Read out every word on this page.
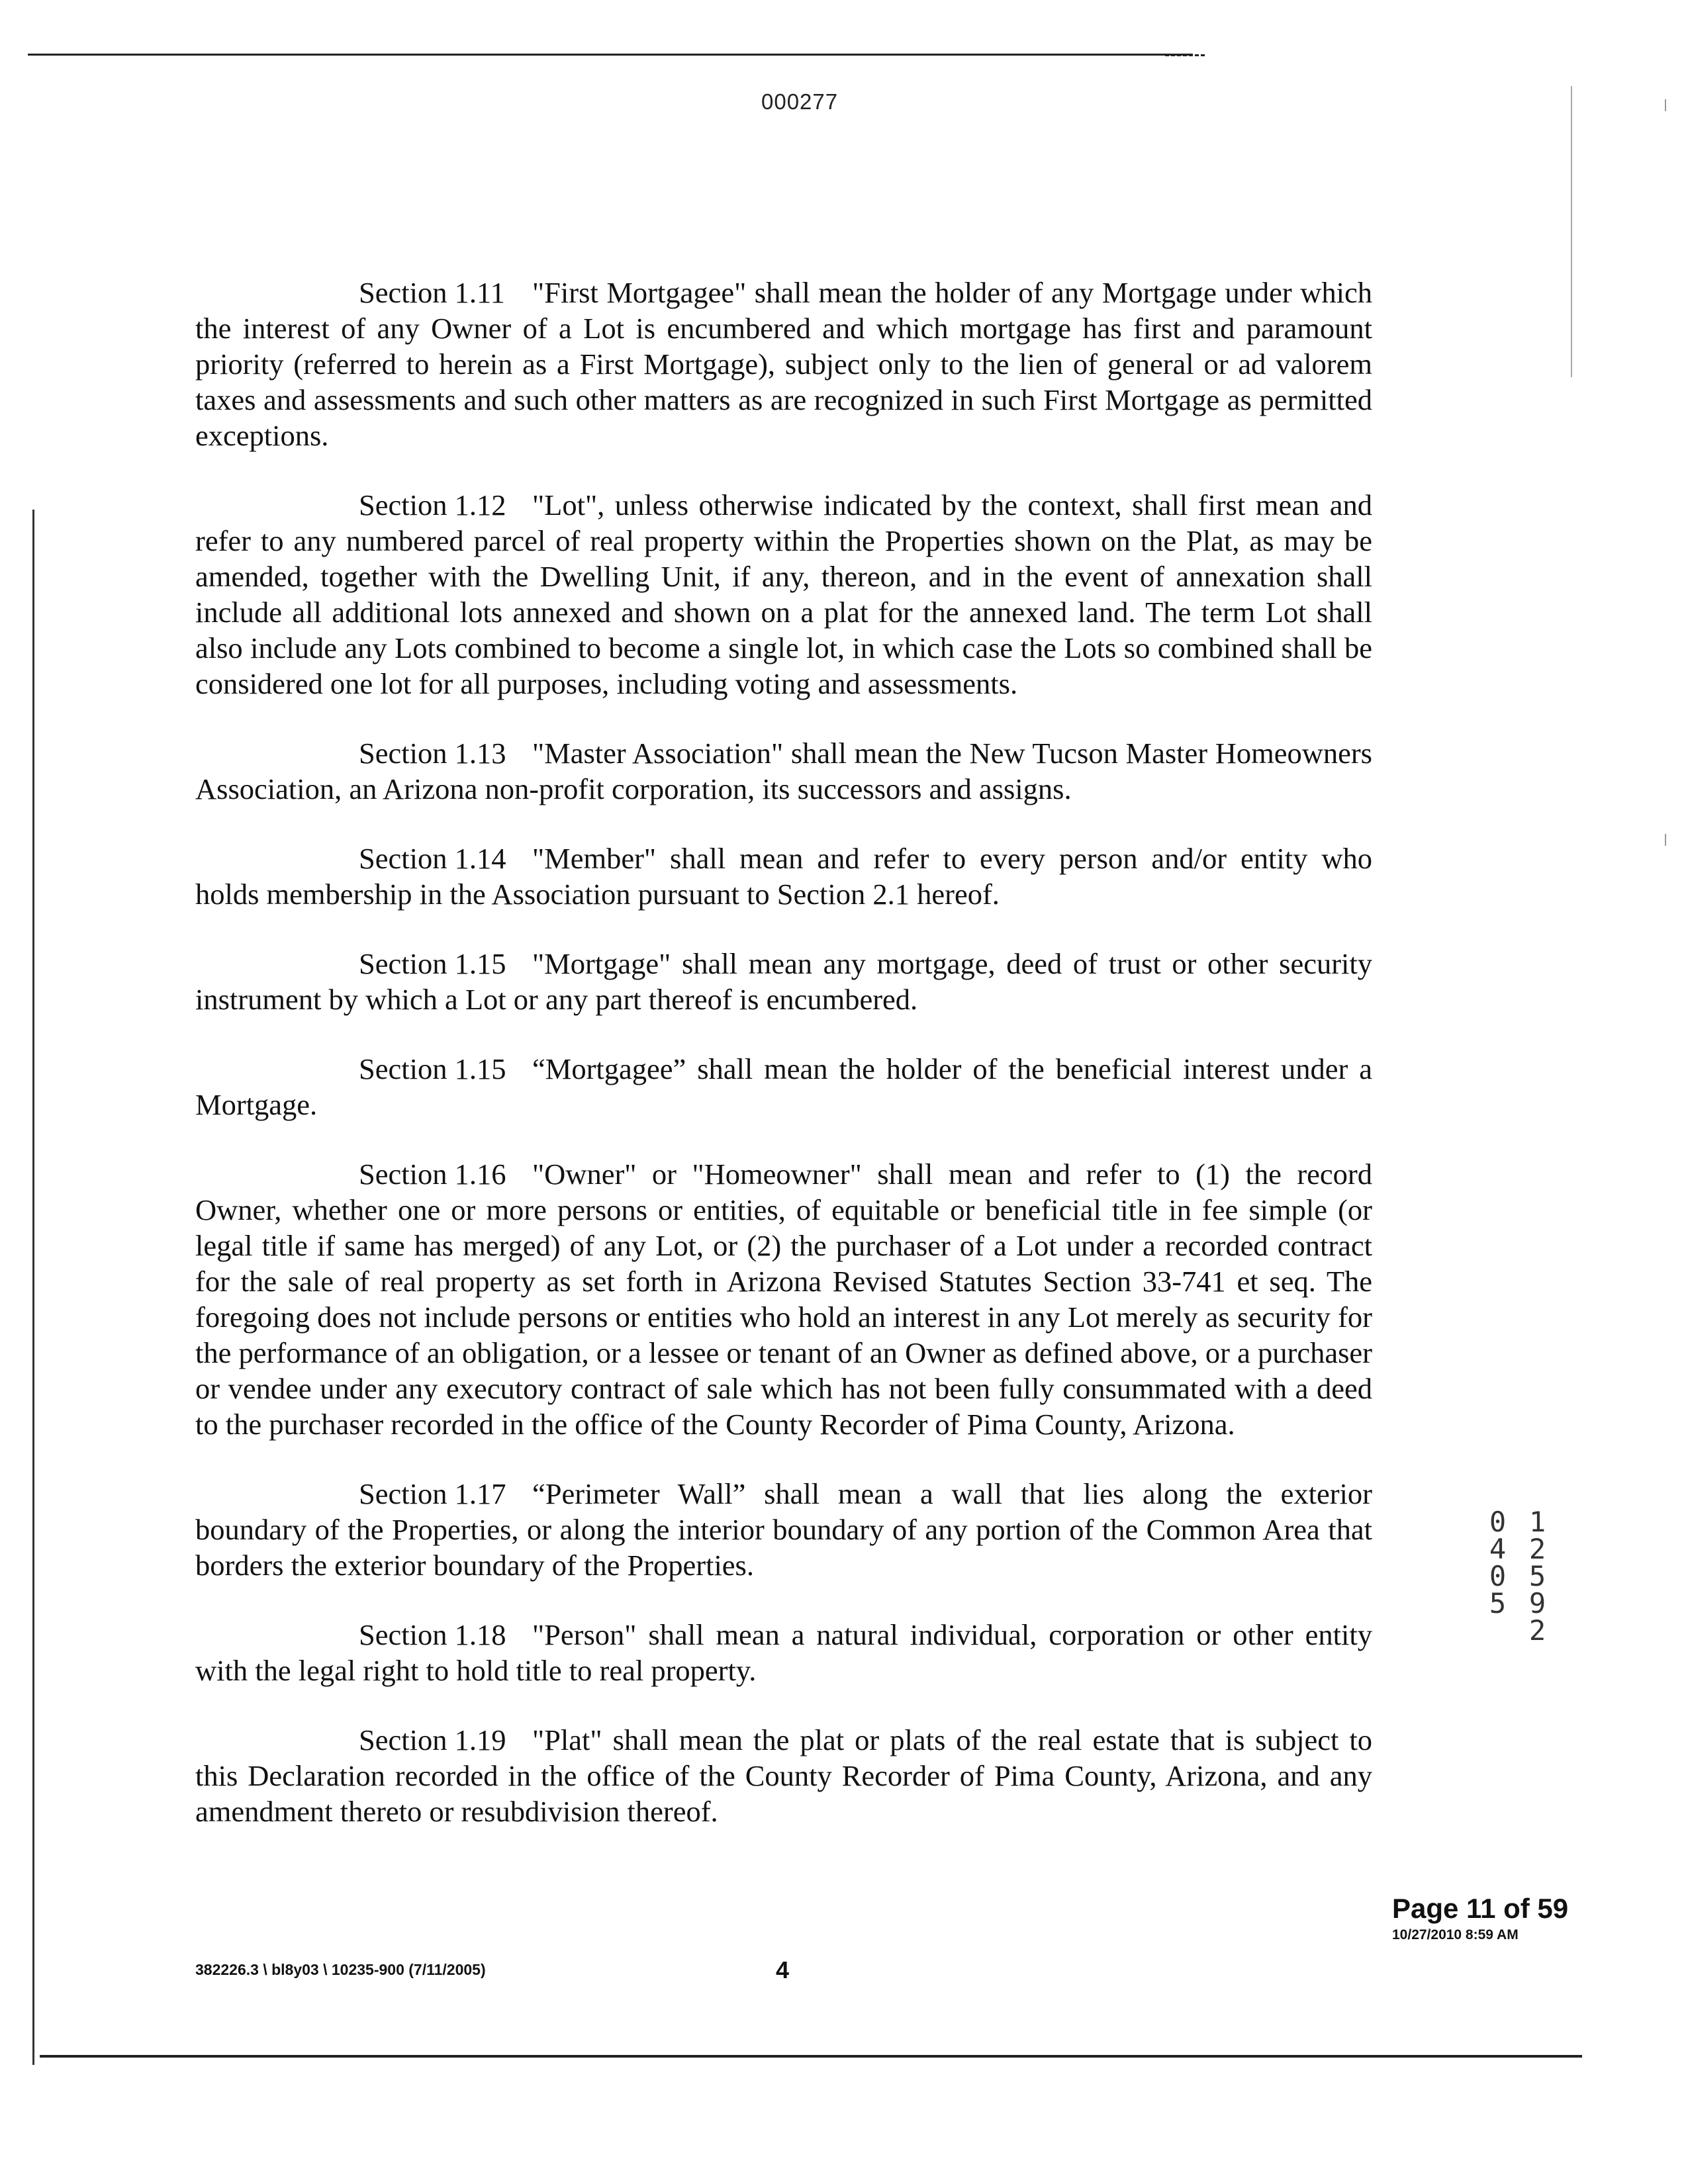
000277

Section 1.11 "First Mortgagee" shall mean the holder of any Mortgage under which the interest of any Owner of a Lot is encumbered and which mortgage has first and paramount priority (referred to herein as a First Mortgage), subject only to the lien of general or ad valorem taxes and assessments and such other matters as are recognized in such First Mortgage as permitted exceptions.

Section 1.12 "Lot", unless otherwise indicated by the context, shall first mean and refer to any numbered parcel of real property within the Properties shown on the Plat, as may be amended, together with the Dwelling Unit, if any, thereon, and in the event of annexation shall include all additional lots annexed and shown on a plat for the annexed land. The term Lot shall also include any Lots combined to become a single lot, in which case the Lots so combined shall be considered one lot for all purposes, including voting and assessments.

Section 1.13 "Master Association" shall mean the New Tucson Master Homeowners Association, an Arizona non-profit corporation, its successors and assigns.

Section 1.14 "Member" shall mean and refer to every person and/or entity who holds membership in the Association pursuant to Section 2.1 hereof.

Section 1.15 "Mortgage" shall mean any mortgage, deed of trust or other security instrument by which a Lot or any part thereof is encumbered.

Section 1.15 “Mortgagee” shall mean the holder of the beneficial interest under a Mortgage.

Section 1.16 "Owner" or "Homeowner" shall mean and refer to (1) the record Owner, whether one or more persons or entities, of equitable or beneficial title in fee simple (or legal title if same has merged) of any Lot, or (2) the purchaser of a Lot under a recorded contract for the sale of real property as set forth in Arizona Revised Statutes Section 33-741 et seq. The foregoing does not include persons or entities who hold an interest in any Lot merely as security for the performance of an obligation, or a lessee or tenant of an Owner as defined above, or a purchaser or vendee under any executory contract of sale which has not been fully consummated with a deed to the purchaser recorded in the office of the County Recorder of Pima County, Arizona.

Section 1.17 “Perimeter Wall” shall mean a wall that lies along the exterior boundary of the Properties, or along the interior boundary of any portion of the Common Area that borders the exterior boundary of the Properties.

Section 1.18 "Person" shall mean a natural individual, corporation or other entity with the legal right to hold title to real property.

Section 1.19 "Plat" shall mean the plat or plats of the real estate that is subject to this Declaration recorded in the office of the County Recorder of Pima County, Arizona, and any amendment thereto or resubdivision thereof.

12592 0405
Page 11 of 59
10/27/2010 8:59 AM
382226.3 \ bl8y03 \ 10235-900 (7/11/2005)	4
